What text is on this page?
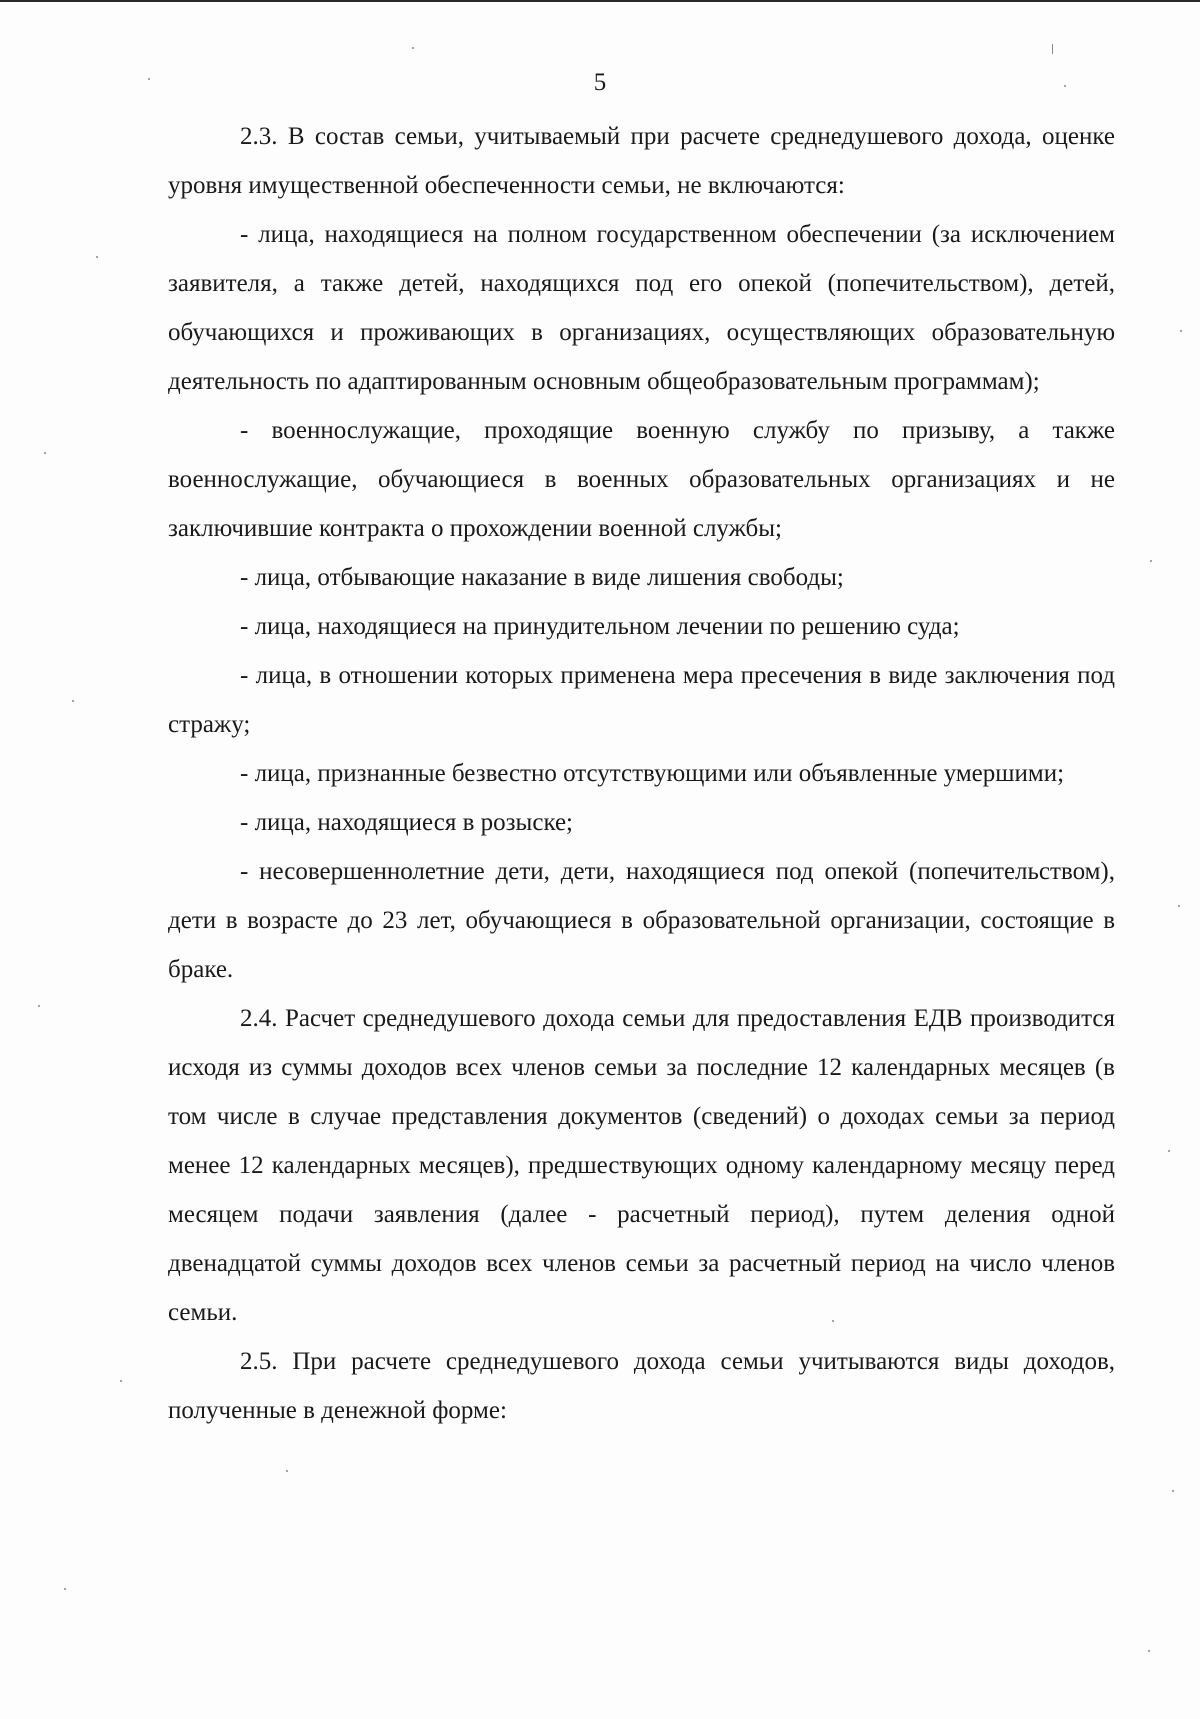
5

2.3. В состав семьи, учитываемый при расчете среднедушевого дохода, оценке уровня имущественной обеспеченности семьи, не включаются:

- лица, находящиеся на полном государственном обеспечении (за исключением заявителя, а также детей, находящихся под его опекой (попечительством), детей, обучающихся и проживающих в организациях, осуществляющих образовательную деятельность по адаптированным основным общеобразовательным программам);

- военнослужащие, проходящие военную службу по призыву, а также военнослужащие, обучающиеся в военных образовательных организациях и не заключившие контракта о прохождении военной службы;

- лица, отбывающие наказание в виде лишения свободы;

- лица, находящиеся на принудительном лечении по решению суда;

- лица, в отношении которых применена мера пресечения в виде заключения под стражу;

- лица, признанные безвестно отсутствующими или объявленные умершими;

- лица, находящиеся в розыске;

- несовершеннолетние дети, дети, находящиеся под опекой (попечительством), дети в возрасте до 23 лет, обучающиеся в образовательной организации, состоящие в браке.

2.4. Расчет среднедушевого дохода семьи для предоставления ЕДВ производится исходя из суммы доходов всех членов семьи за последние 12 календарных месяцев (в том числе в случае представления документов (сведений) о доходах семьи за период менее 12 календарных месяцев), предшествующих одному календарному месяцу перед месяцем подачи заявления (далее - расчетный период), путем деления одной двенадцатой суммы доходов всех членов семьи за расчетный период на число членов семьи.

2.5. При расчете среднедушевого дохода семьи учитываются виды доходов, полученные в денежной форме:
